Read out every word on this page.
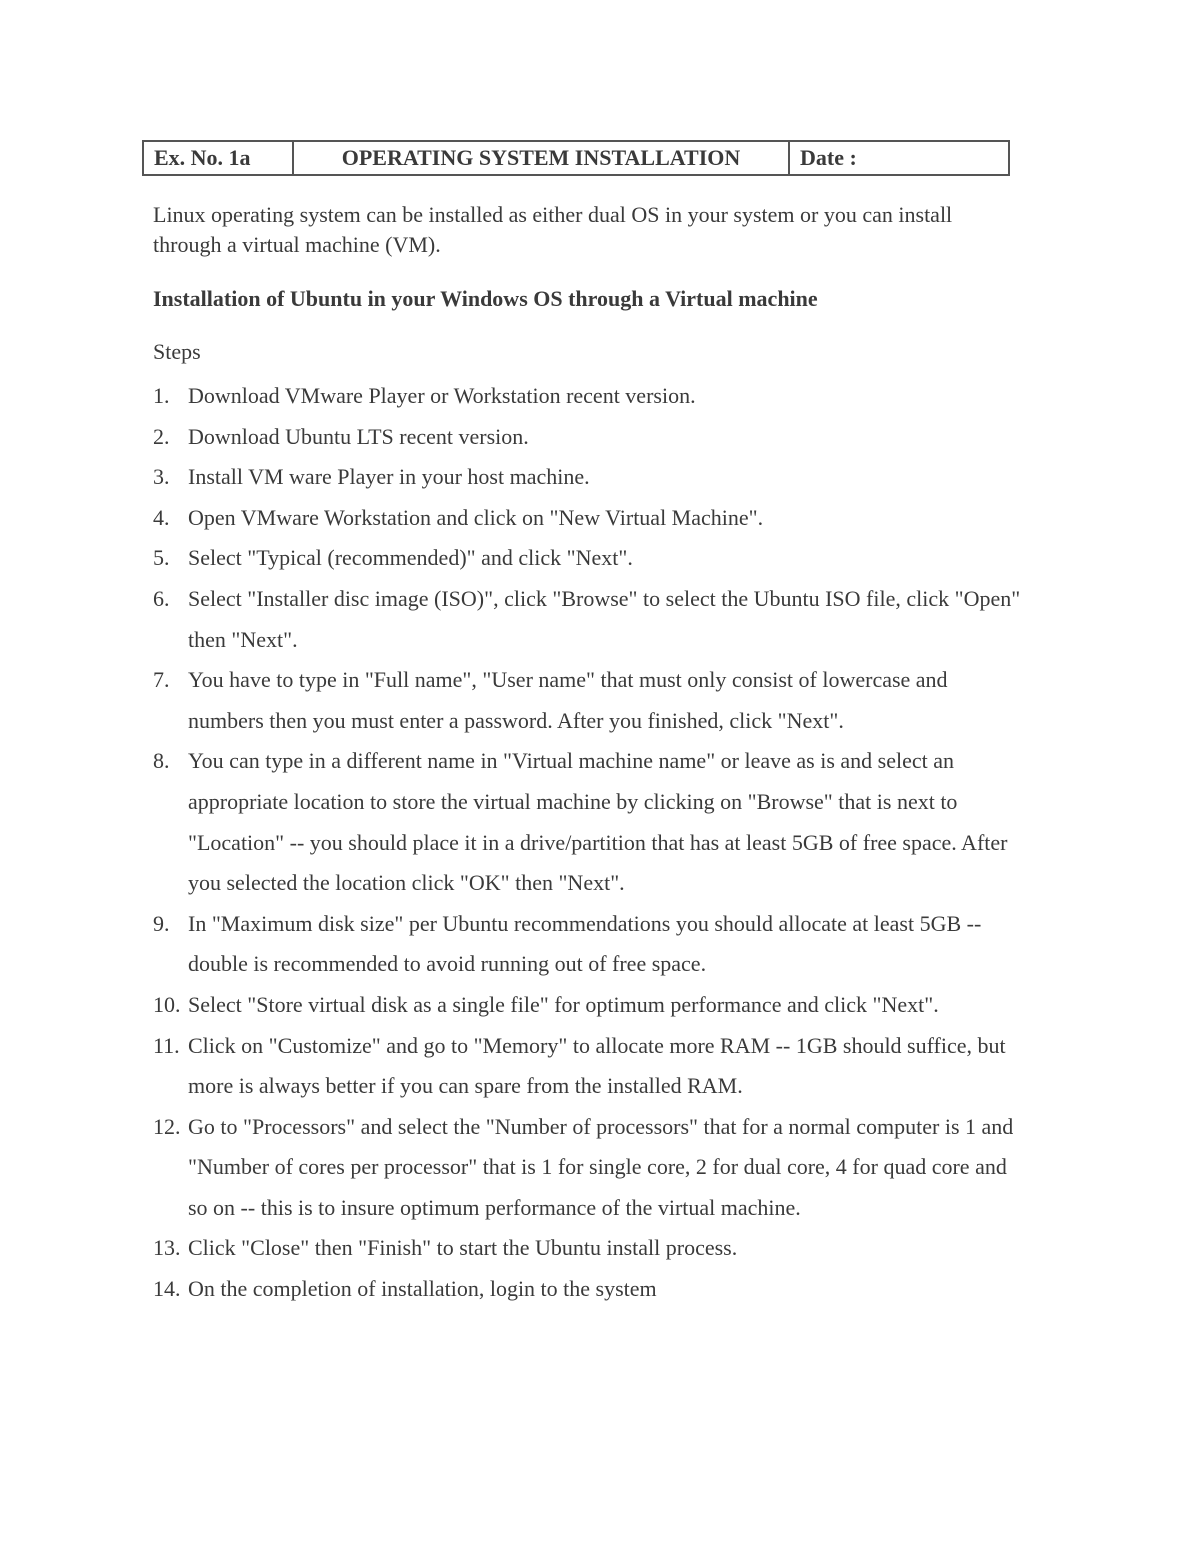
Ex. No. 1a	OPERATING SYSTEM INSTALLATION	Date :

Linux operating system can be installed as either dual OS in your system or you can install through a virtual machine (VM).

Installation of Ubuntu in your Windows OS through a Virtual machine

Steps

1. Download VMware Player or Workstation recent version.
2. Download Ubuntu LTS recent version.
3. Install VM ware Player in your host machine.
4. Open VMware Workstation and click on "New Virtual Machine".
5. Select "Typical (recommended)" and click "Next".
6. Select "Installer disc image (ISO)", click "Browse" to select the Ubuntu ISO file, click "Open" then "Next".
7. You have to type in "Full name", "User name" that must only consist of lowercase and numbers then you must enter a password. After you finished, click "Next".
8. You can type in a different name in "Virtual machine name" or leave as is and select an appropriate location to store the virtual machine by clicking on "Browse" that is next to "Location" -- you should place it in a drive/partition that has at least 5GB of free space. After you selected the location click "OK" then "Next".
9. In "Maximum disk size" per Ubuntu recommendations you should allocate at least 5GB -- double is recommended to avoid running out of free space.
10. Select "Store virtual disk as a single file" for optimum performance and click "Next".
11. Click on "Customize" and go to "Memory" to allocate more RAM -- 1GB should suffice, but more is always better if you can spare from the installed RAM.
12. Go to "Processors" and select the "Number of processors" that for a normal computer is 1 and "Number of cores per processor" that is 1 for single core, 2 for dual core, 4 for quad core and so on -- this is to insure optimum performance of the virtual machine.
13. Click "Close" then "Finish" to start the Ubuntu install process.
14. On the completion of installation, login to the system
